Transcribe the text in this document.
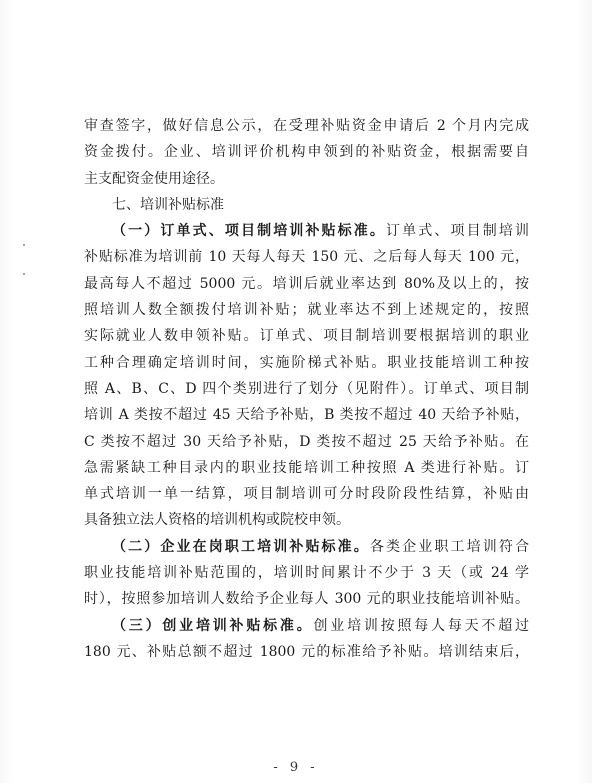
审查签字，做好信息公示，在受理补贴资金申请后 2 个月内完成
资金拨付。企业、培训评价机构申领到的补贴资金，根据需要自
主支配资金使用途径。
七、培训补贴标准
（一）订单式、项目制培训补贴标准。订单式、项目制培训
补贴标准为培训前 10 天每人每天 150 元、之后每人每天 100 元，
最高每人不超过 5000 元。培训后就业率达到 80%及以上的，按
照培训人数全额拨付培训补贴；就业率达不到上述规定的，按照
实际就业人数申领补贴。订单式、项目制培训要根据培训的职业
工种合理确定培训时间，实施阶梯式补贴。职业技能培训工种按
照 A、B、C、D 四个类别进行了划分（见附件）。订单式、项目制
培训 A 类按不超过 45 天给予补贴，B 类按不超过 40 天给予补贴，
C 类按不超过 30 天给予补贴，D 类按不超过 25 天给予补贴。在
急需紧缺工种目录内的职业技能培训工种按照 A 类进行补贴。订
单式培训一单一结算，项目制培训可分时段阶段性结算，补贴由
具备独立法人资格的培训机构或院校申领。
（二）企业在岗职工培训补贴标准。各类企业职工培训符合
职业技能培训补贴范围的，培训时间累计不少于 3 天（或 24 学
时），按照参加培训人数给予企业每人 300 元的职业技能培训补贴。
（三）创业培训补贴标准。创业培训按照每人每天不超过
180 元、补贴总额不超过 1800 元的标准给予补贴。培训结束后，
- 9 -
